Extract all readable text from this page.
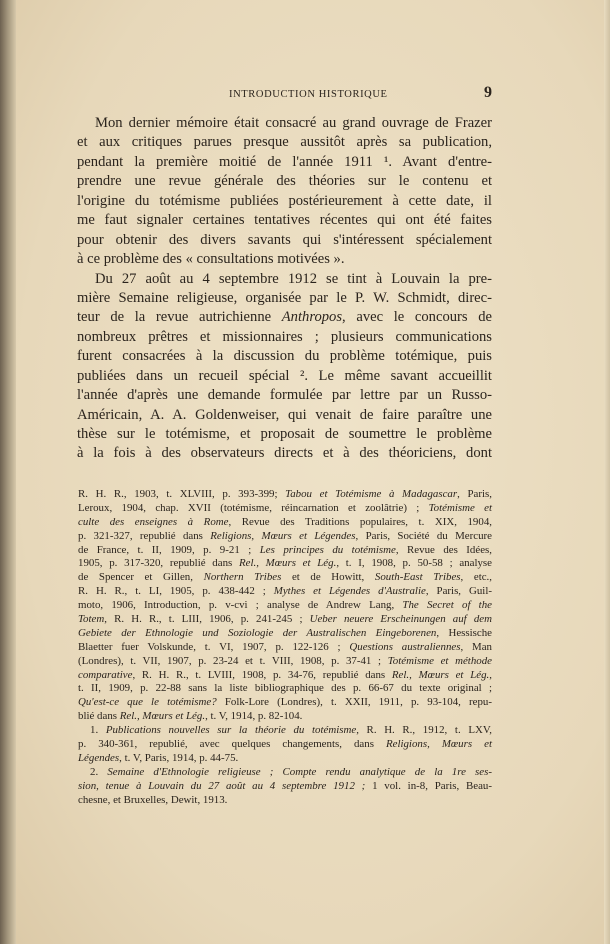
INTRODUCTION HISTORIQUE	9
Mon dernier mémoire était consacré au grand ouvrage de Frazer
et aux critiques parues presque aussitôt après sa publication,
pendant la première moitié de l'année 1911 ¹. Avant d'entre-
prendre une revue générale des théories sur le contenu et
l'origine du totémisme publiées postérieurement à cette date, il
me faut signaler certaines tentatives récentes qui ont été faites
pour obtenir des divers savants qui s'intéressent spécialement
à ce problème des « consultations motivées ».
Du 27 août au 4 septembre 1912 se tint à Louvain la pre-
mière Semaine religieuse, organisée par le P. W. Schmidt, direc-
teur de la revue autrichienne Anthropos, avec le concours de
nombreux prêtres et missionnaires ; plusieurs communications
furent consacrées à la discussion du problème totémique, puis
publiées dans un recueil spécial ². Le même savant accueillit
l'année d'après une demande formulée par lettre par un Russo-
Américain, A. A. Goldenweiser, qui venait de faire paraître une
thèse sur le totémisme, et proposait de soumettre le problème
à la fois à des observateurs directs et à des théoriciens, dont
R. H. R., 1903, t. XLVIII, p. 393-399; Tabou et Totémisme à Madagascar, Paris,
Leroux, 1904, chap. XVII (totémisme, réincarnation et zoolâtrie) ; Totémisme et
culte des enseignes à Rome, Revue des Traditions populaires, t. XIX, 1904,
p. 321-327, republié dans Religions, Mœurs et Légendes, Paris, Société du Mercure
de France, t. II, 1909, p. 9-21 ; Les principes du totémisme, Revue des Idées,
1905, p. 317-320, republié dans Rel., Mœurs et Lég., t. I, 1908, p. 50-58 ; analyse
de Spencer et Gillen, Northern Tribes et de Howitt, South-East Tribes, etc.,
R. H. R., t. LI, 1905, p. 438-442 ; Mythes et Légendes d'Australie, Paris, Guil-
moto, 1906, Introduction, p. v-cvi ; analyse de Andrew Lang, The Secret of the
Totem, R. H. R., t. LIII, 1906, p. 241-245 ; Ueber neuere Erscheinungen auf dem
Gebiete der Ethnologie und Soziologie der Australischen Eingeborenen, Hessische
Blaetter fuer Volskunde, t. VI, 1907, p. 122-126 ; Questions australiennes, Man
(Londres), t. VII, 1907, p. 23-24 et t. VIII, 1908, p. 37-41 ; Totémisme et méthode
comparative, R. H. R., t. LVIII, 1908, p. 34-76, republié dans Rel., Mœurs et Lég.,
t. II, 1909, p. 22-88 sans la liste bibliographique des p. 66-67 du texte original ;
Qu'est-ce que le totémisme? Folk-Lore (Londres), t. XXII, 1911, p. 93-104, repu-
blié dans Rel., Mœurs et Lég., t. V, 1914, p. 82-104.
1. Publications nouvelles sur la théorie du totémisme, R. H. R., 1912, t. LXV,
p. 340-361, republié, avec quelques changements, dans Religions, Mœurs et
Légendes, t. V, Paris, 1914, p. 44-75.
2. Semaine d'Ethnologie religieuse ; Compte rendu analytique de la 1re ses-
sion, tenue à Louvain du 27 août au 4 septembre 1912 ; 1 vol. in-8, Paris, Beau-
chesne, et Bruxelles, Dewit, 1913.
